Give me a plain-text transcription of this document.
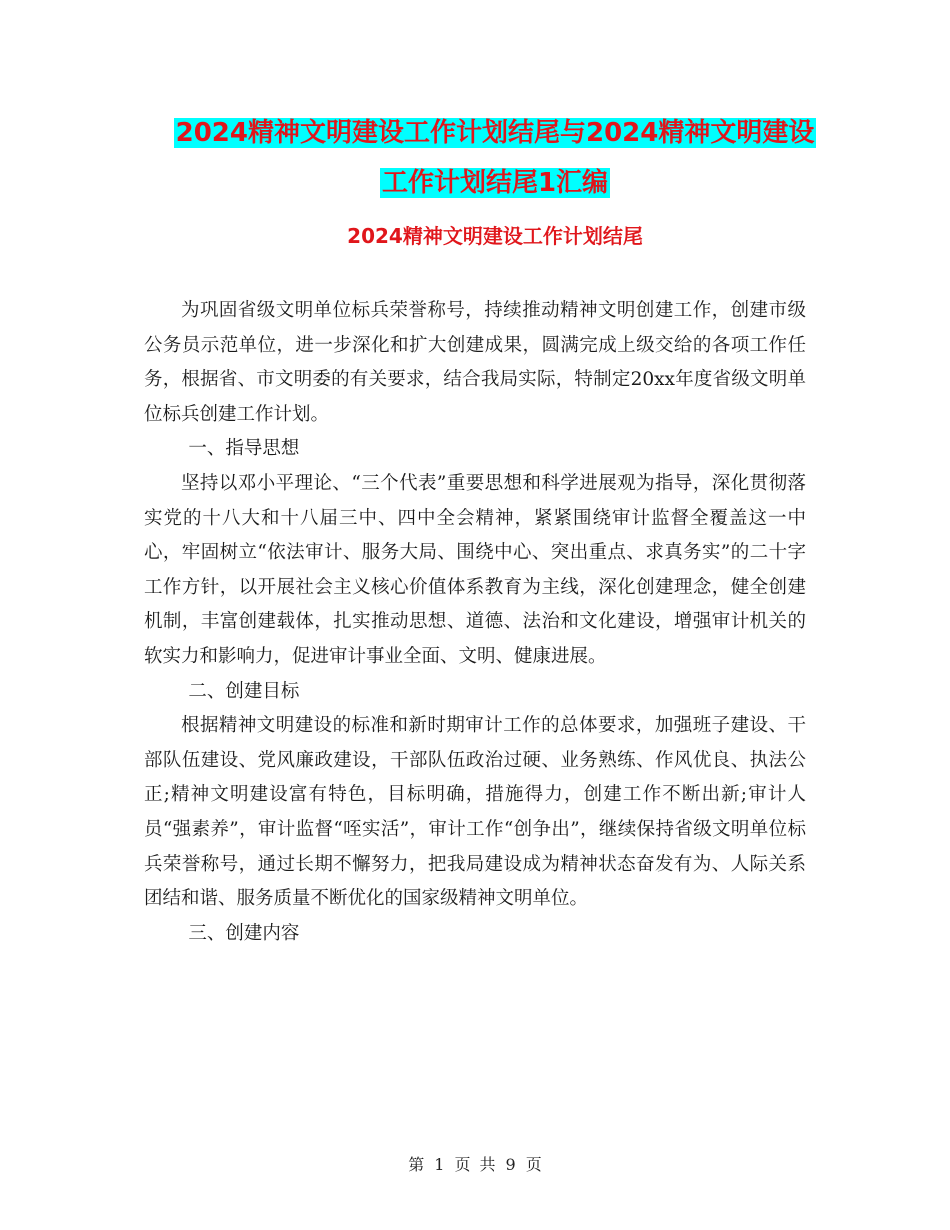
2024精神文明建设工作计划结尾与2024精神文明建设
工作计划结尾1汇编
2024精神文明建设工作计划结尾

为巩固省级文明单位标兵荣誉称号，持续推动精神文明创建工作，创建市级公务员示范单位，进一步深化和扩大创建成果，圆满完成上级交给的各项工作任务，根据省、市文明委的有关要求，结合我局实际，特制定20xx年度省级文明单位标兵创建工作计划。

一、指导思想

坚持以邓小平理论、“三个代表”重要思想和科学进展观为指导，深化贯彻落实党的十八大和十八届三中、四中全会精神，紧紧围绕审计监督全覆盖这一中心，牢固树立“依法审计、服务大局、围绕中心、突出重点、求真务实”的二十字工作方针，以开展社会主义核心价值体系教育为主线，深化创建理念，健全创建机制，丰富创建载体，扎实推动思想、道德、法治和文化建设，增强审计机关的软实力和影响力，促进审计事业全面、文明、健康进展。

二、创建目标

根据精神文明建设的标准和新时期审计工作的总体要求，加强班子建设、干部队伍建设、党风廉政建设，干部队伍政治过硬、业务熟练、作风优良、执法公正;精神文明建设富有特色，目标明确，措施得力，创建工作不断出新;审计人员“强素养”，审计监督“咥实活”，审计工作“创争出”，继续保持省级文明单位标兵荣誉称号，通过长期不懈努力，把我局建设成为精神状态奋发有为、人际关系团结和谐、服务质量不断优化的国家级精神文明单位。

三、创建内容

第 1 页 共 9 页
